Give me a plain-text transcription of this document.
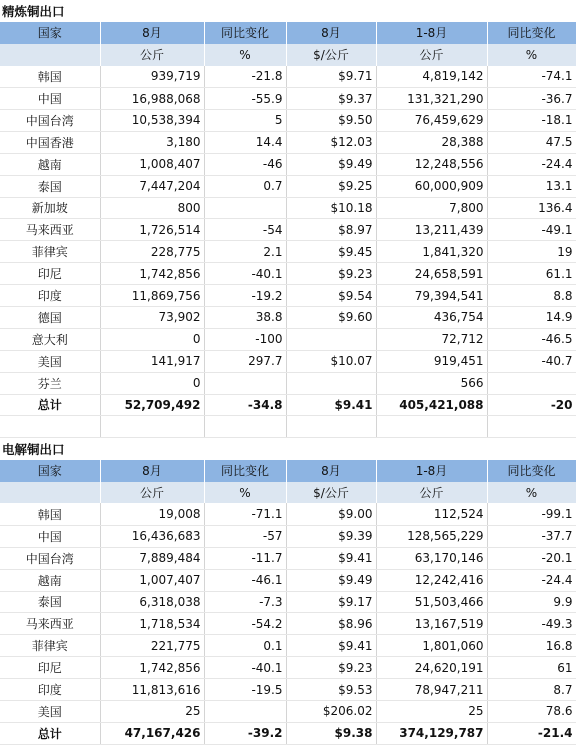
精炼铜出口					
国家	8月	同比变化	8月	1-8月	同比变化
	公斤	%	$/公斤	公斤	%
韩国	939,719	-21.8	$9.71	4,819,142	-74.1
中国	16,988,068	-55.9	$9.37	131,321,290	-36.7
中国台湾	10,538,394	5	$9.50	76,459,629	-18.1
中国香港	3,180	14.4	$12.03	28,388	47.5
越南	1,008,407	-46	$9.49	12,248,556	-24.4
泰国	7,447,204	0.7	$9.25	60,000,909	13.1
新加坡	800		$10.18	7,800	136.4
马来西亚	1,726,514	-54	$8.97	13,211,439	-49.1
菲律宾	228,775	2.1	$9.45	1,841,320	19
印尼	1,742,856	-40.1	$9.23	24,658,591	61.1
印度	11,869,756	-19.2	$9.54	79,394,541	8.8
德国	73,902	38.8	$9.60	436,754	14.9
意大利	0	-100		72,712	-46.5
美国	141,917	297.7	$10.07	919,451	-40.7
芬兰	0			566	
总计	52,709,492	-34.8	$9.41	405,421,088	-20

电解铜出口					
国家	8月	同比变化	8月	1-8月	同比变化
	公斤	%	$/公斤	公斤	%
韩国	19,008	-71.1	$9.00	112,524	-99.1
中国	16,436,683	-57	$9.39	128,565,229	-37.7
中国台湾	7,889,484	-11.7	$9.41	63,170,146	-20.1
越南	1,007,407	-46.1	$9.49	12,242,416	-24.4
泰国	6,318,038	-7.3	$9.17	51,503,466	9.9
马来西亚	1,718,534	-54.2	$8.96	13,167,519	-49.3
菲律宾	221,775	0.1	$9.41	1,801,060	16.8
印尼	1,742,856	-40.1	$9.23	24,620,191	61
印度	11,813,616	-19.5	$9.53	78,947,211	8.7
美国	25		$206.02	25	78.6
总计	47,167,426	-39.2	$9.38	374,129,787	-21.4
